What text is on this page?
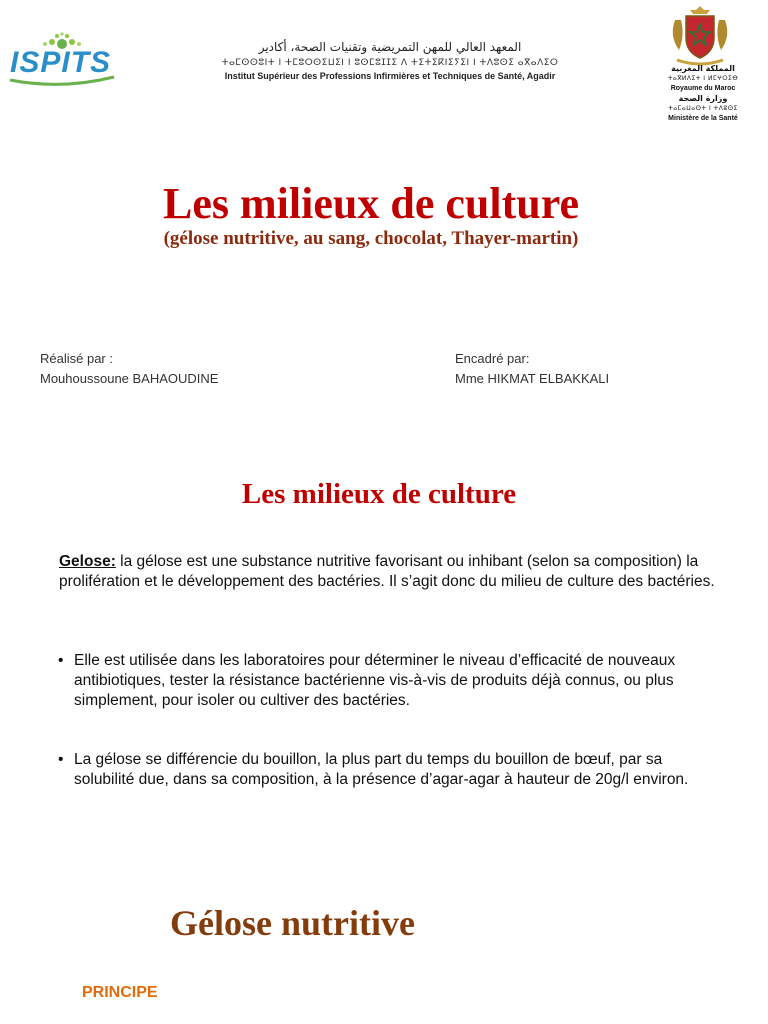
ISPITS	المعهد العالي للمهن التمريضية وتقنيات الصحة، أكادير
ⵜⴰⵎⵙⵙⵓⵏⵜ ⵏ ⵜⵎⵓⵔⵙⵉⵡⵉⵏ ⵏ ⵓⵙⵎⵓⵊⵊⵉ ⴷ ⵜⵉⵜⵉⴽⵏⵉⵢⵉⵏ ⵏ ⵜⴷⵓⵙⵉ ⴰⴳⴰⴷⵉⵔ
Institut Supérieur des Professions Infirmières et Techniques de Santé, Agadir
المملكة المغربية
ⵜⴰⴳⵍⴷⵉⵜ ⵏ ⵍⵎⵖⵔⵉⴱ
Royaume du Maroc
وزارة الصحة
ⵜⴰⵎⴰⵡⴰⵙⵜ ⵏ ⵜⴷⵓⵙⵉ
Ministère de la Santé
Les milieux de culture
(gélose nutritive, au sang, chocolat, Thayer-martin)
Réalisé par :
Mouhoussoune BAHAOUDINE
Encadré par:
Mme HIKMAT ELBAKKALI
Les milieux de culture
Gelose: la gélose est une substance nutritive favorisant ou inhibant (selon sa composition) la prolifération et le développement des bactéries. Il s’agit donc du milieu de culture des bactéries.
• Elle est utilisée dans les laboratoires pour déterminer le niveau d’efficacité de nouveaux antibiotiques, tester la résistance bactérienne vis-à-vis de produits déjà connus, ou plus simplement, pour isoler ou cultiver des bactéries.
• La gélose se différencie du bouillon, la plus part du temps du bouillon de bœuf, par sa solubilité due, dans sa composition, à la présence d’agar-agar à hauteur de 20g/l environ.
Gélose nutritive
PRINCIPE
